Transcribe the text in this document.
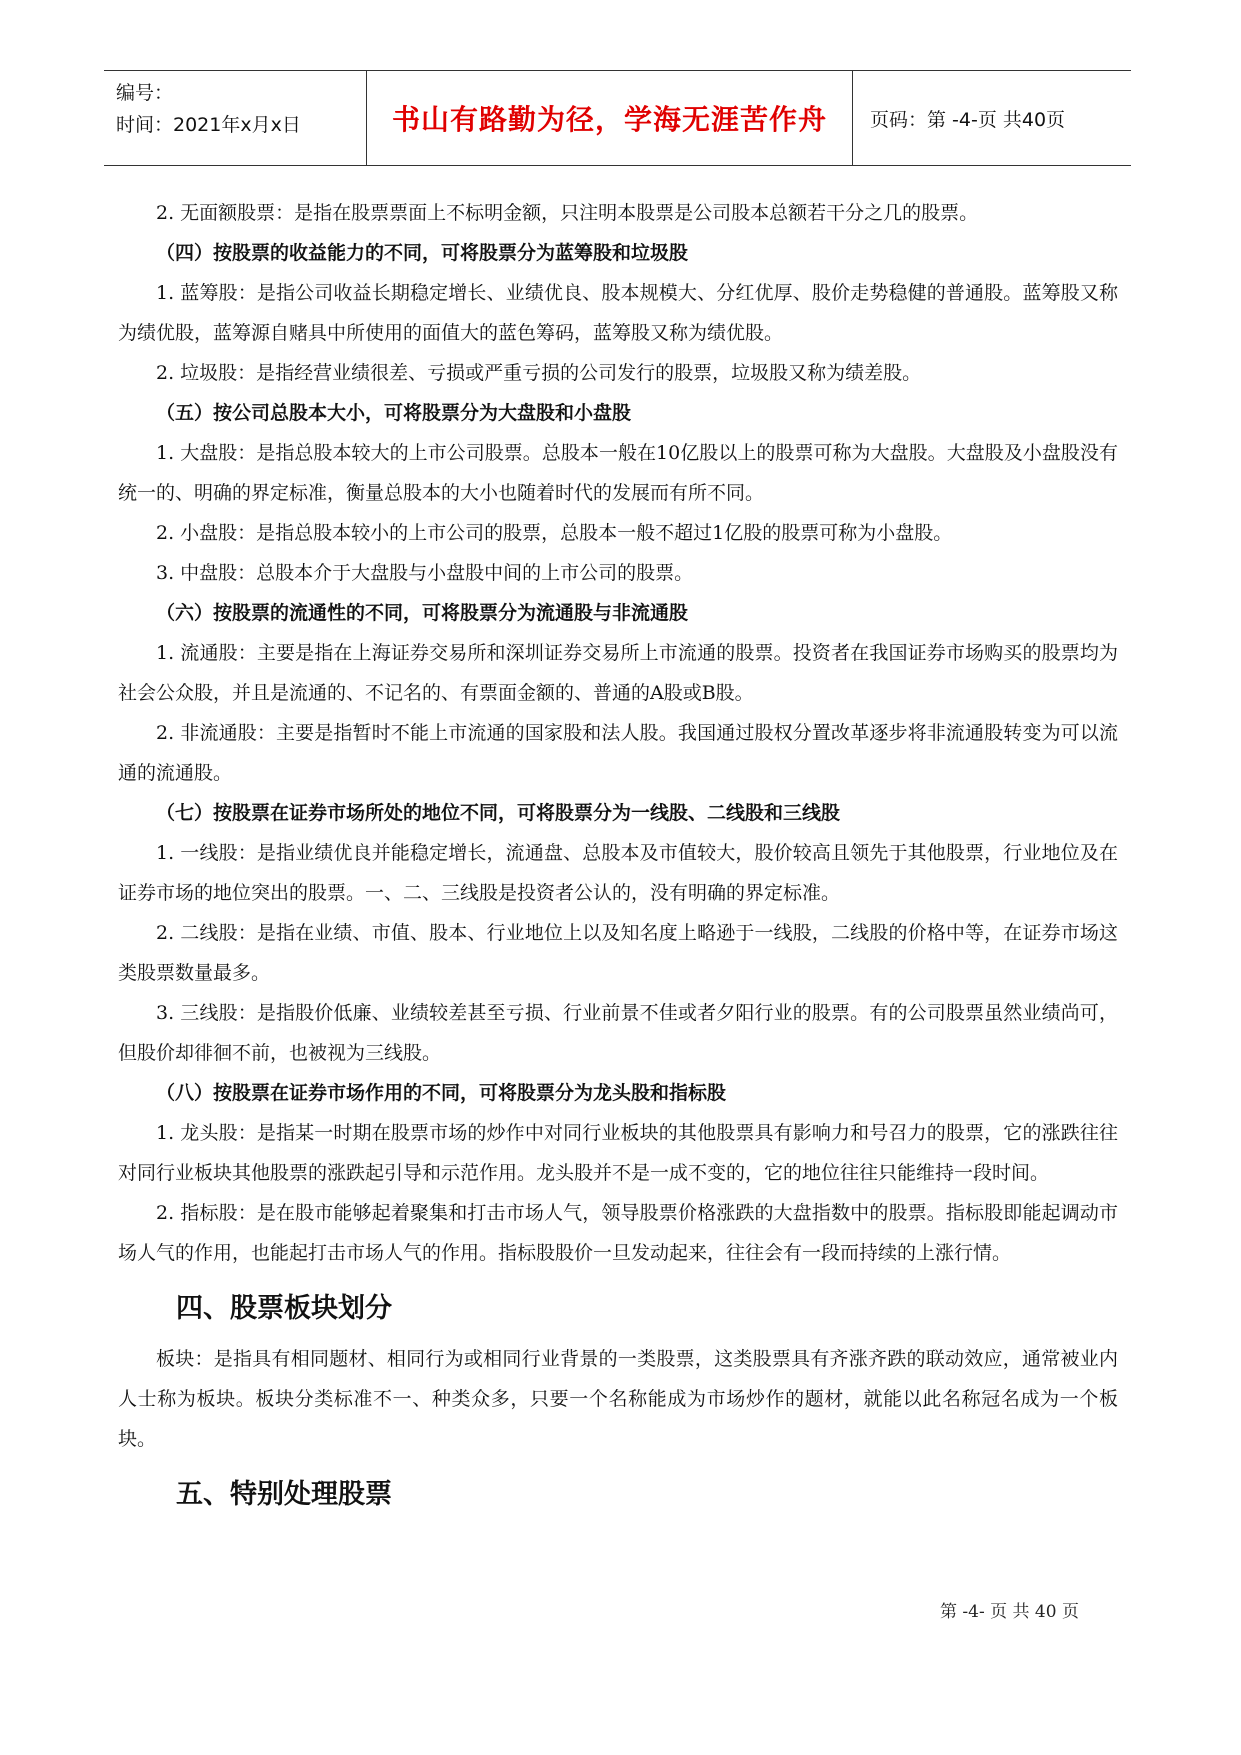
编号：
时间：2021年x月x日	书山有路勤为径，学海无涯苦作舟	页码：第 -4-页 共40页

2. 无面额股票：是指在股票票面上不标明金额，只注明本股票是公司股本总额若干分之几的股票。

（四）按股票的收益能力的不同，可将股票分为蓝筹股和垃圾股

1. 蓝筹股：是指公司收益长期稳定增长、业绩优良、股本规模大、分红优厚、股价走势稳健的普通股。蓝筹股又称为绩优股，蓝筹源自赌具中所使用的面值大的蓝色筹码，蓝筹股又称为绩优股。

2. 垃圾股：是指经营业绩很差、亏损或严重亏损的公司发行的股票，垃圾股又称为绩差股。

（五）按公司总股本大小，可将股票分为大盘股和小盘股

1. 大盘股：是指总股本较大的上市公司股票。总股本一般在10亿股以上的股票可称为大盘股。大盘股及小盘股没有统一的、明确的界定标准，衡量总股本的大小也随着时代的发展而有所不同。

2. 小盘股：是指总股本较小的上市公司的股票，总股本一般不超过1亿股的股票可称为小盘股。

3. 中盘股：总股本介于大盘股与小盘股中间的上市公司的股票。

（六）按股票的流通性的不同，可将股票分为流通股与非流通股

1. 流通股：主要是指在上海证券交易所和深圳证券交易所上市流通的股票。投资者在我国证券市场购买的股票均为社会公众股，并且是流通的、不记名的、有票面金额的、普通的A股或B股。

2. 非流通股：主要是指暂时不能上市流通的国家股和法人股。我国通过股权分置改革逐步将非流通股转变为可以流通的流通股。

（七）按股票在证券市场所处的地位不同，可将股票分为一线股、二线股和三线股

1. 一线股：是指业绩优良并能稳定增长，流通盘、总股本及市值较大，股价较高且领先于其他股票，行业地位及在证券市场的地位突出的股票。一、二、三线股是投资者公认的，没有明确的界定标准。

2. 二线股：是指在业绩、市值、股本、行业地位上以及知名度上略逊于一线股，二线股的价格中等，在证券市场这类股票数量最多。

3. 三线股：是指股价低廉、业绩较差甚至亏损、行业前景不佳或者夕阳行业的股票。有的公司股票虽然业绩尚可，但股价却徘徊不前，也被视为三线股。

（八）按股票在证券市场作用的不同，可将股票分为龙头股和指标股

1. 龙头股：是指某一时期在股票市场的炒作中对同行业板块的其他股票具有影响力和号召力的股票，它的涨跌往往对同行业板块其他股票的涨跌起引导和示范作用。龙头股并不是一成不变的，它的地位往往只能维持一段时间。

2. 指标股：是在股市能够起着聚集和打击市场人气，领导股票价格涨跌的大盘指数中的股票。指标股即能起调动市场人气的作用，也能起打击市场人气的作用。指标股股价一旦发动起来，往往会有一段而持续的上涨行情。

四、股票板块划分

板块：是指具有相同题材、相同行为或相同行业背景的一类股票，这类股票具有齐涨齐跌的联动效应，通常被业内人士称为板块。板块分类标准不一、种类众多，只要一个名称能成为市场炒作的题材，就能以此名称冠名成为一个板块。

五、特别处理股票

第 -4- 页 共 40 页
